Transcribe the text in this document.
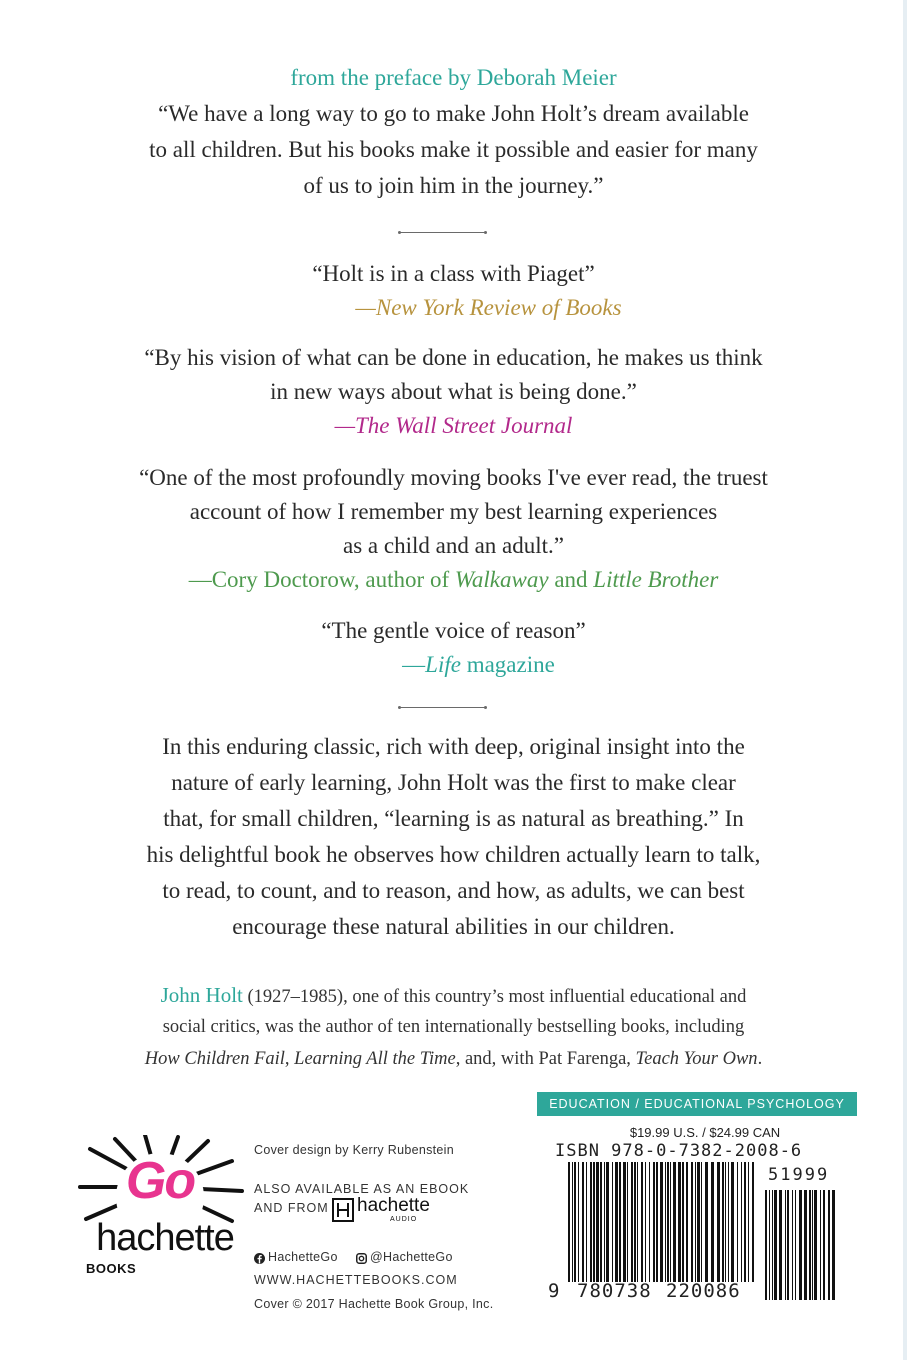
from the preface by Deborah Meier
“We have a long way to go to make John Holt’s dream available
to all children. But his books make it possible and easier for many
of us to join him in the journey.”
“Holt is in a class with Piaget”
—New York Review of Books
“By his vision of what can be done in education, he makes us think
in new ways about what is being done.”
—The Wall Street Journal
“One of the most profoundly moving books I've ever read, the truest
account of how I remember my best learning experiences
as a child and an adult.”
—Cory Doctorow, author of Walkaway and Little Brother
“The gentle voice of reason”
—Life magazine
In this enduring classic, rich with deep, original insight into the
nature of early learning, John Holt was the first to make clear
that, for small children, “learning is as natural as breathing.” In
his delightful book he observes how children actually learn to talk,
to read, to count, and to reason, and how, as adults, we can best
encourage these natural abilities in our children.
John Holt (1927–1985), one of this country’s most influential educational and
social critics, was the author of ten internationally bestselling books, including
How Children Fail, Learning All the Time, and, with Pat Farenga, Teach Your Own.
Go
hachette
BOOKS
Cover design by Kerry Rubenstein
ALSO AVAILABLE AS AN EBOOK
AND FROM hachette
AUDIO
HachetteGo	@HachetteGo
WWW.HACHETTEBOOKS.COM
Cover © 2017 Hachette Book Group, Inc.
EDUCATION / EDUCATIONAL PSYCHOLOGY
$19.99 U.S. / $24.99 CAN
ISBN 978-0-7382-2008-6
51999
9 780738 220086
